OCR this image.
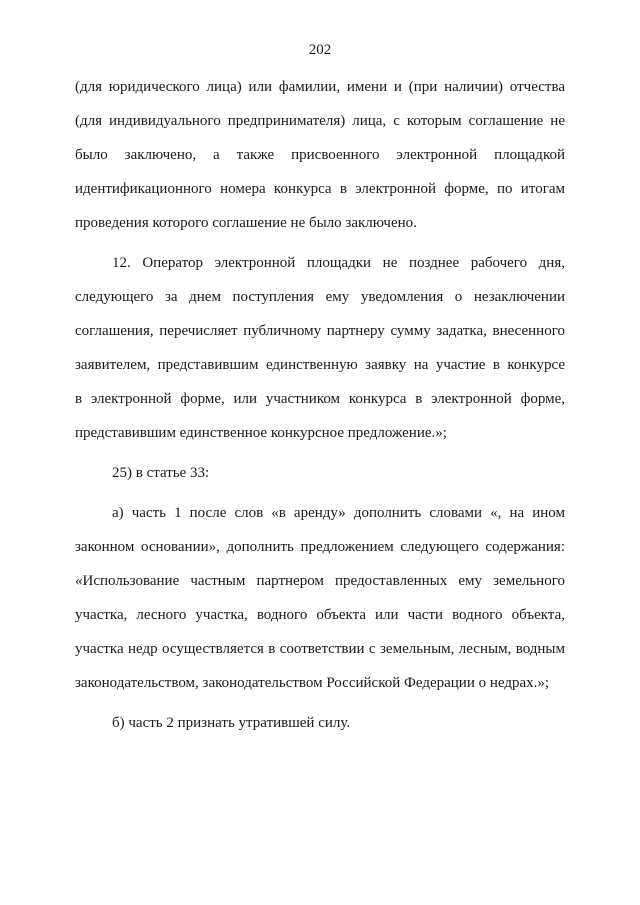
202
(для юридического лица) или фамилии, имени и (при наличии) отчества
(для индивидуального предпринимателя) лица, с которым соглашение не
было заключено, а также присвоенного электронной площадкой
идентификационного номера конкурса в электронной форме, по итогам
проведения которого соглашение не было заключено.
12. Оператор электронной площадки не позднее рабочего дня,
следующего за днем поступления ему уведомления о незаключении
соглашения, перечисляет публичному партнеру сумму задатка, внесенного
заявителем, представившим единственную заявку на участие в конкурсе
в электронной форме, или участником конкурса в электронной форме,
представившим единственное конкурсное предложение.»;
25) в статье 33:
а) часть 1 после слов «в аренду» дополнить словами «, на ином
законном основании», дополнить предложением следующего содержания:
«Использование частным партнером предоставленных ему земельного
участка, лесного участка, водного объекта или части водного объекта,
участка недр осуществляется в соответствии с земельным, лесным, водным
законодательством, законодательством Российской Федерации о недрах.»;
б) часть 2 признать утратившей силу.
